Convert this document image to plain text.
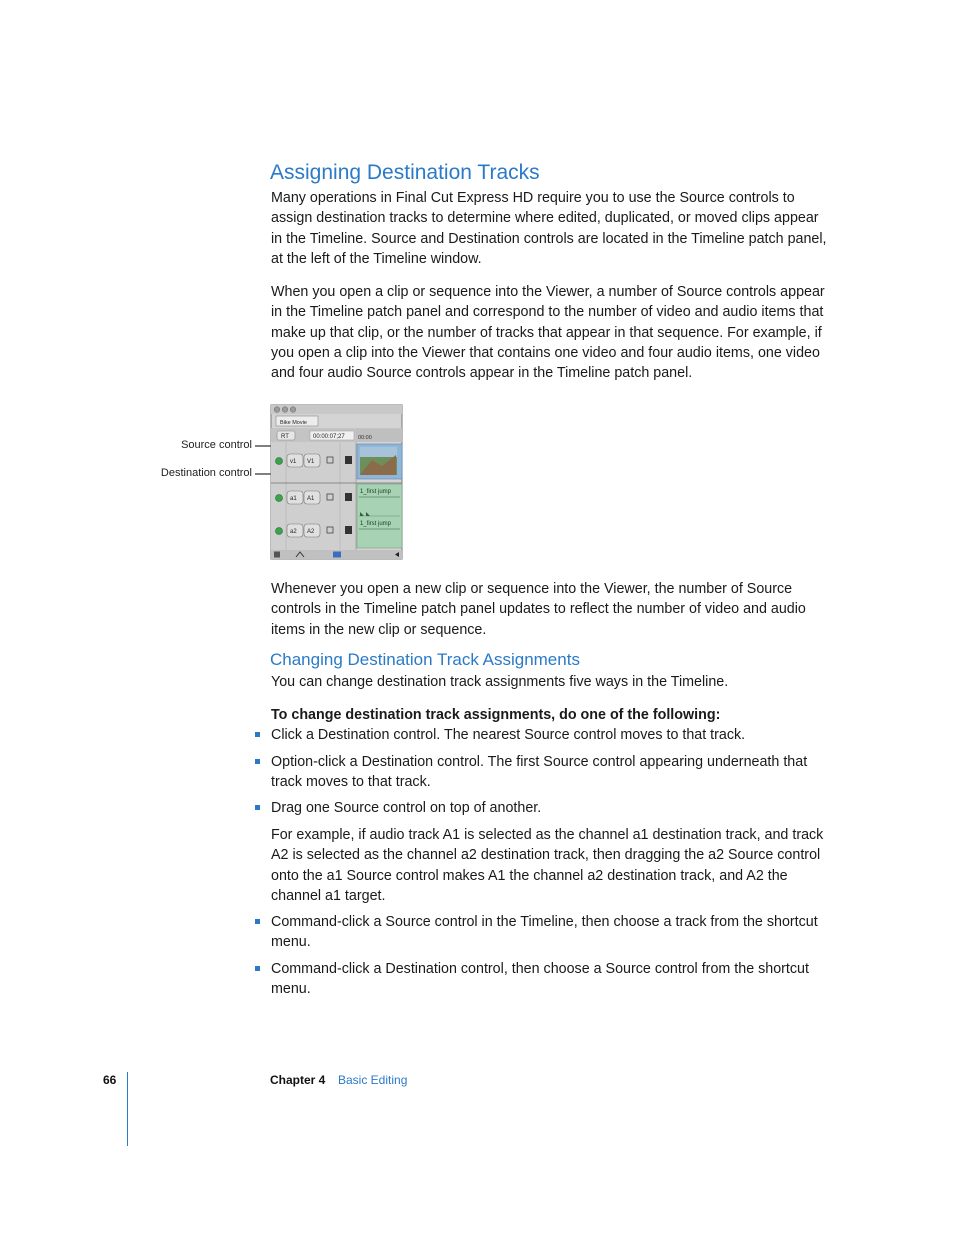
Assigning Destination Tracks
Many operations in Final Cut Express HD require you to use the Source controls to assign destination tracks to determine where edited, duplicated, or moved clips appear in the Timeline. Source and Destination controls are located in the Timeline patch panel, at the left of the Timeline window.
When you open a clip or sequence into the Viewer, a number of Source controls appear in the Timeline patch panel and correspond to the number of video and audio items that make up that clip, or the number of tracks that appear in that sequence. For example, if you open a clip into the Viewer that contains one video and four audio items, one video and four audio Source controls appear in the Timeline patch panel.
Source control
Destination control
Bike Movie
RT	00:00:07;27 00:00
v1 V1
a1 A1
a2 A2
1_first jump
1_first jump
Whenever you open a new clip or sequence into the Viewer, the number of Source controls in the Timeline patch panel updates to reflect the number of video and audio items in the new clip or sequence.
Changing Destination Track Assignments
You can change destination track assignments five ways in the Timeline.
To change destination track assignments, do one of the following:
Click a Destination control. The nearest Source control moves to that track.
Option-click a Destination control. The first Source control appearing underneath that track moves to that track.
Drag one Source control on top of another.
For example, if audio track A1 is selected as the channel a1 destination track, and track A2 is selected as the channel a2 destination track, then dragging the a2 Source control onto the a1 Source control makes A1 the channel a2 destination track, and A2 the channel a1 target.
Command-click a Source control in the Timeline, then choose a track from the shortcut menu.
Command-click a Destination control, then choose a Source control from the shortcut menu.
66	Chapter 4 Basic Editing
